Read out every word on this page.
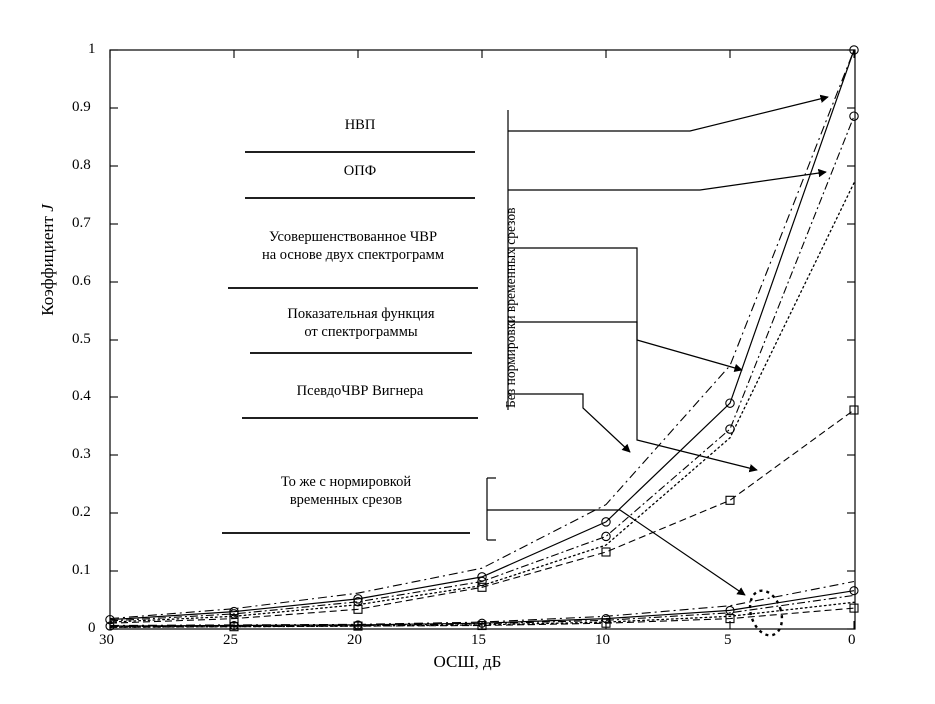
Коэффициент J
ОСШ, дБ
1
0.9
0.8
0.7
0.6
0.5
0.4
0.3
0.2
0.1
0
30	25	20	15	10	5	0
НВП
ОПФ
Усовершенствованное ЧВР
на основе двух спектрограмм
Показательная функция
от спектрограммы
ПсевдоЧВР Вигнера
То же с нормировкой
временных срезов
Без нормировки временных срезов
